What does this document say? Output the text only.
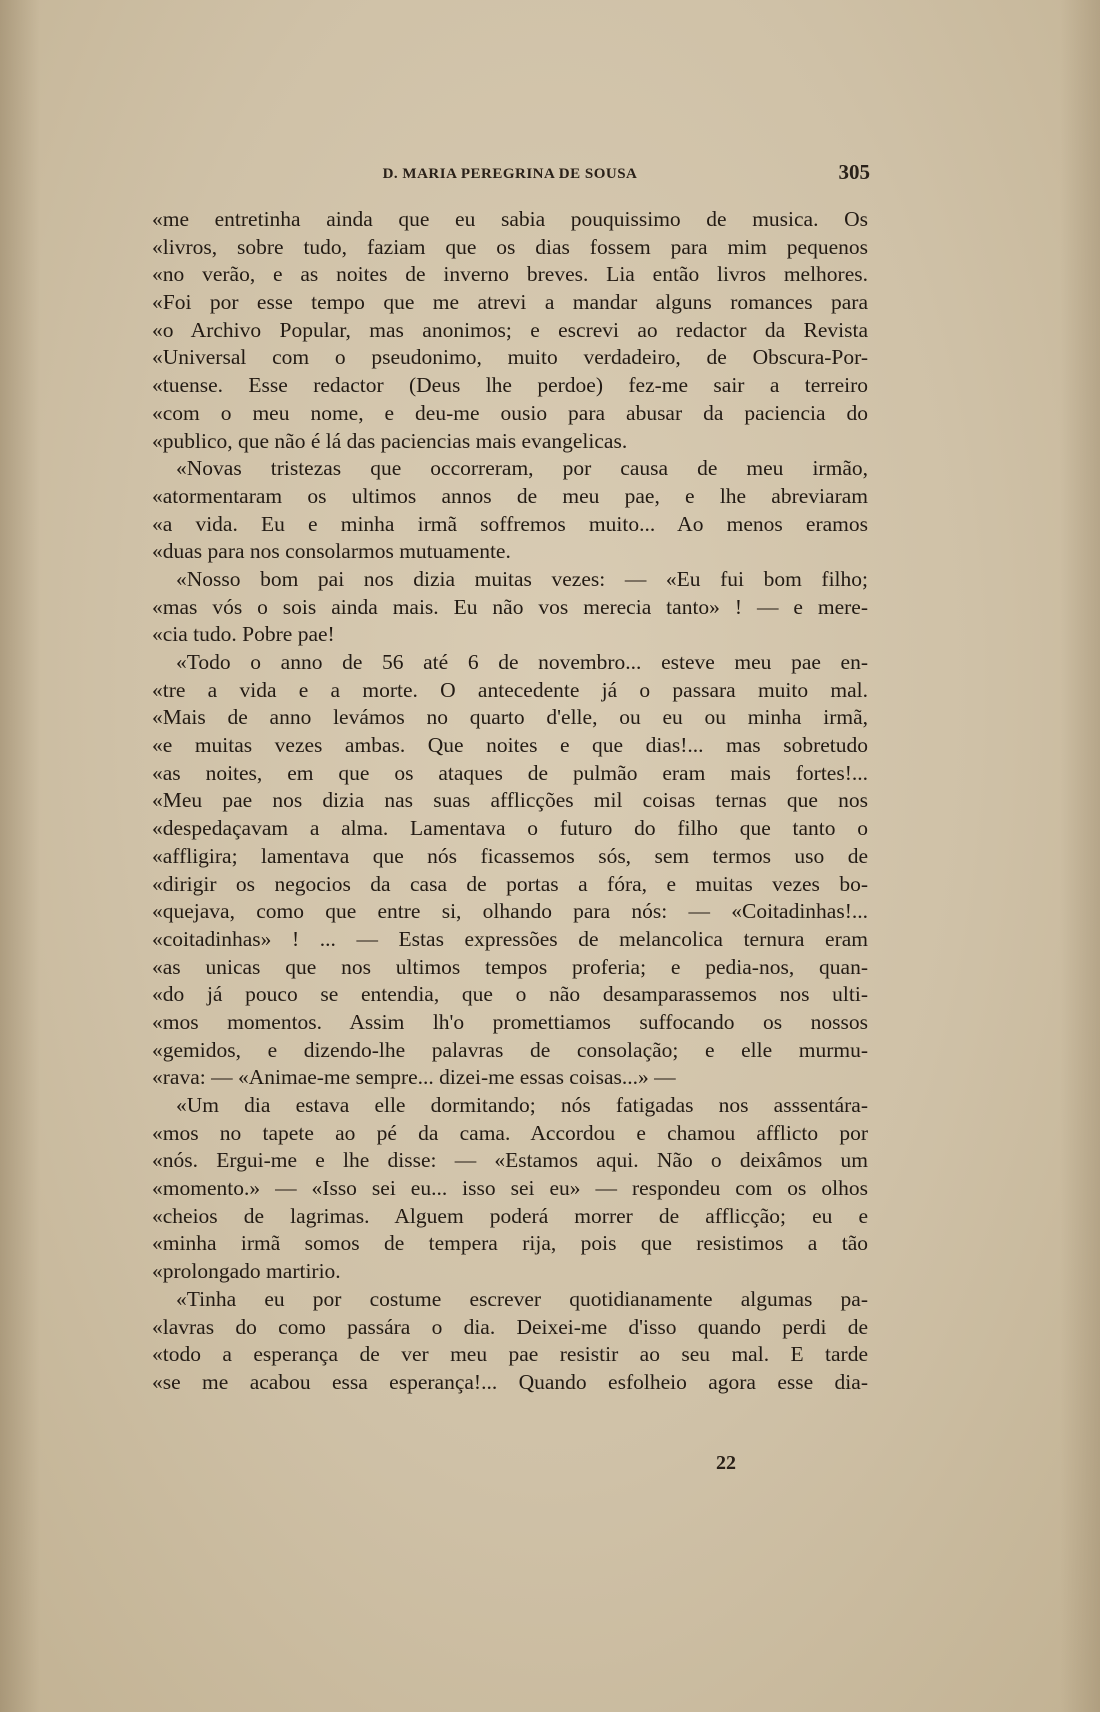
D. MARIA PEREGRINA DE SOUSA	305
«me entretinha ainda que eu sabia pouquissimo de musica. Os
«livros, sobre tudo, faziam que os dias fossem para mim pequenos
«no verão, e as noites de inverno breves. Lia então livros melhores.
«Foi por esse tempo que me atrevi a mandar alguns romances para
«o Archivo Popular, mas anonimos; e escrevi ao redactor da Revista
«Universal com o pseudonimo, muito verdadeiro, de Obscura-Por-
«tuense. Esse redactor (Deus lhe perdoe) fez-me sair a terreiro
«com o meu nome, e deu-me ousio para abusar da paciencia do
«publico, que não é lá das paciencias mais evangelicas.
«Novas tristezas que occorreram, por causa de meu irmão,
«atormentaram os ultimos annos de meu pae, e lhe abreviaram
«a vida. Eu e minha irmã soffremos muito... Ao menos eramos
«duas para nos consolarmos mutuamente.
«Nosso bom pai nos dizia muitas vezes: — «Eu fui bom filho;
«mas vós o sois ainda mais. Eu não vos merecia tanto» ! — e mere-
«cia tudo. Pobre pae!
«Todo o anno de 56 até 6 de novembro... esteve meu pae en-
«tre a vida e a morte. O antecedente já o passara muito mal.
«Mais de anno levámos no quarto d'elle, ou eu ou minha irmã,
«e muitas vezes ambas. Que noites e que dias!... mas sobretudo
«as noites, em que os ataques de pulmão eram mais fortes!...
«Meu pae nos dizia nas suas afflicções mil coisas ternas que nos
«despedaçavam a alma. Lamentava o futuro do filho que tanto o
«affligira; lamentava que nós ficassemos sós, sem termos uso de
«dirigir os negocios da casa de portas a fóra, e muitas vezes bo-
«quejava, como que entre si, olhando para nós: — «Coitadinhas!...
«coitadinhas» ! ... — Estas expressões de melancolica ternura eram
«as unicas que nos ultimos tempos proferia; e pedia-nos, quan-
«do já pouco se entendia, que o não desamparassemos nos ulti-
«mos momentos. Assim lh'o promettiamos suffocando os nossos
«gemidos, e dizendo-lhe palavras de consolação; e elle murmu-
«rava: — «Animae-me sempre... dizei-me essas coisas...» —
«Um dia estava elle dormitando; nós fatigadas nos asssentára-
«mos no tapete ao pé da cama. Accordou e chamou afflicto por
«nós. Ergui-me e lhe disse: — «Estamos aqui. Não o deixâmos um
«momento.» — «Isso sei eu... isso sei eu» — respondeu com os olhos
«cheios de lagrimas. Alguem poderá morrer de afflicção; eu e
«minha irmã somos de tempera rija, pois que resistimos a tão
«prolongado martirio.
«Tinha eu por costume escrever quotidianamente algumas pa-
«lavras do como passára o dia. Deixei-me d'isso quando perdi de
«todo a esperança de ver meu pae resistir ao seu mal. E tarde
«se me acabou essa esperança!... Quando esfolheio agora esse dia-
22
